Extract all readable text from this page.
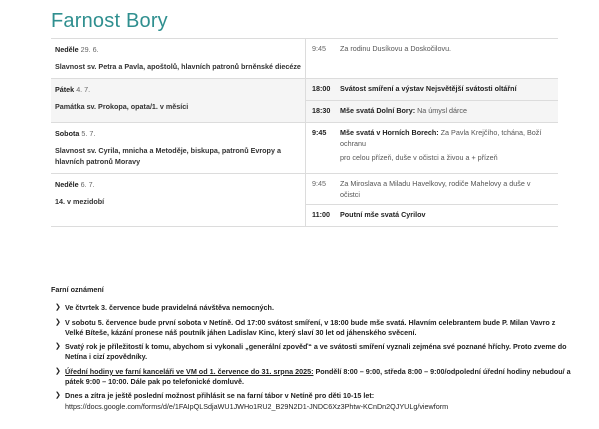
Farnost Bory
Neděle 29. 6.
Slavnost sv. Petra a Pavla, apoštolů, hlavních patronů brněnské diecéze
9:45	Za rodinu Dusíkovu a Doskočilovu.
Pátek 4. 7.
Památka sv. Prokopa, opata/1. v měsíci
18:00	Svátost smíření a výstav Nejsvětější svátosti oltářní
18:30	Mše svatá Dolní Bory: Na úmysl dárce
Sobota 5. 7.
Slavnost sv. Cyrila, mnicha a Metoděje, biskupa, patronů Evropy a hlavních patronů Moravy
9:45	Mše svatá v Horních Borech: Za Pavla Krejčího, tchána, Boží ochranu
pro celou přízeň, duše v očistci a živou a + přízeň
Neděle 6. 7.
14. v mezidobí
9:45	Za Miroslava a Miladu Havelkovy, rodiče Mahelovy a duše v očistci
11:00	Poutní mše svatá Cyrilov
Farní oznámení
❯ Ve čtvrtek 3. července bude pravidelná návštěva nemocných.
❯ V sobotu 5. července bude první sobota v Netíně. Od 17:00 svátost smíření, v 18:00 bude mše svatá. Hlavním celebrantem bude P. Milan Vavro z Velké Bíteše, kázání pronese náš poutník jáhen Ladislav Kinc, který slaví 30 let od jáhenského svěcení.
❯ Svatý rok je příležitostí k tomu, abychom si vykonali „generální zpověď“ a ve svátosti smíření vyznali zejména své poznané hříchy. Proto zveme do Netína i cizí zpovědníky.
❯ Úřední hodiny ve farní kanceláři ve VM od 1. července do 31. srpna 2025: Pondělí 8:00 – 9:00, středa 8:00 – 9:00/odpolední úřední hodiny nebudou/ a pátek 9:00 – 10:00. Dále pak po telefonické domluvě.
❯ Dnes a zítra je ještě poslední možnost přihlásit se na farní tábor v Netíně pro děti 10-15 let: https://docs.google.com/forms/d/e/1FAIpQLSdjaWU1JWHo1RU2_B29N2D1-JNDC6Xz3Phtw-KCnDn2QJYULg/viewform
